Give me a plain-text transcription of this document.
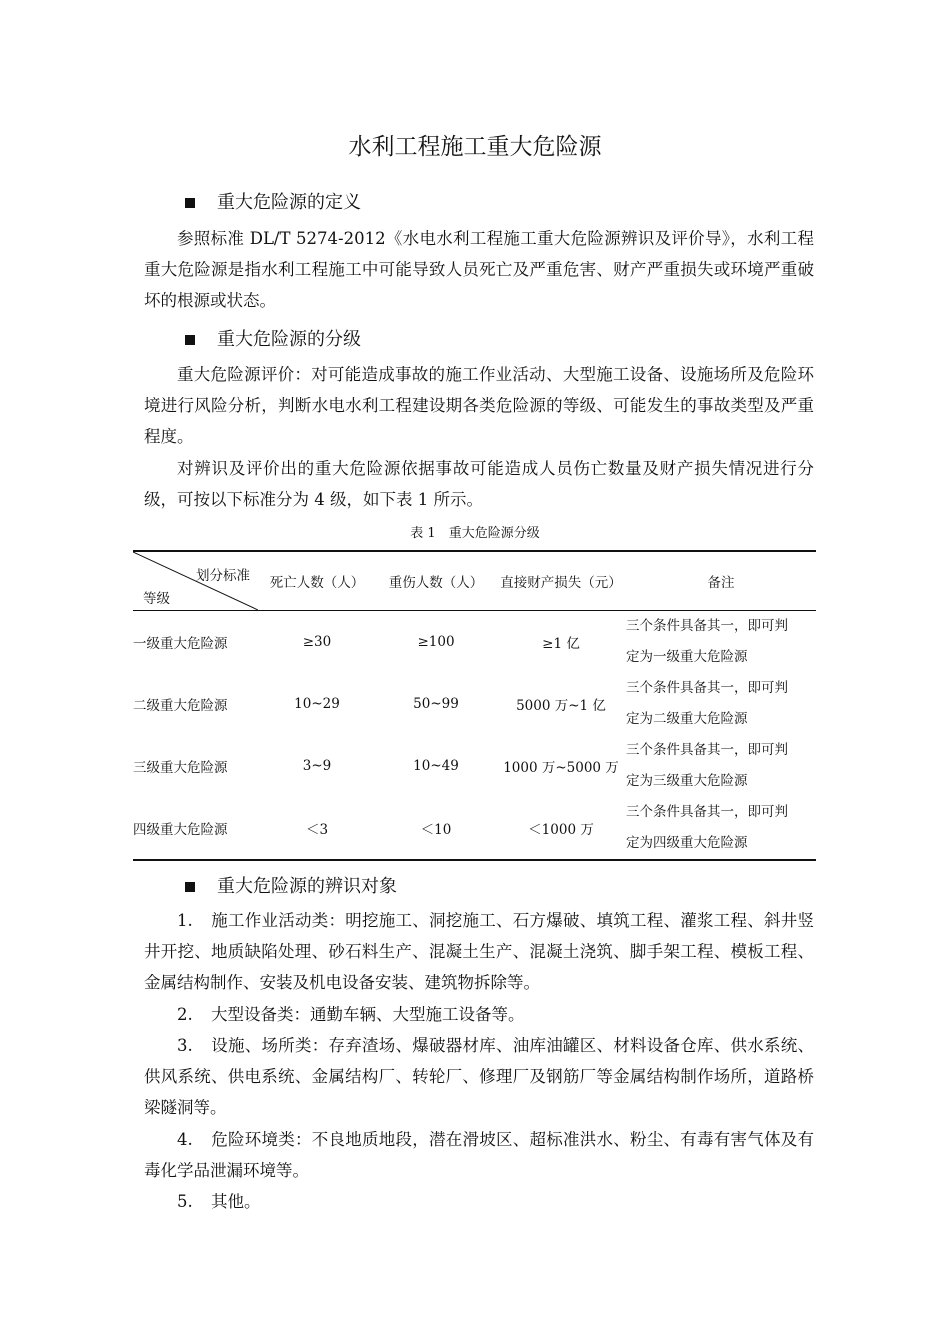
水利工程施工重大危险源
重大危险源的定义
参照标准 DL/T 5274-2012《水电水利工程施工重大危险源辨识及评价导》，水利工程重大危险源是指水利工程施工中可能导致人员死亡及严重危害、财产严重损失或环境严重破坏的根源或状态。
重大危险源的分级
重大危险源评价：对可能造成事故的施工作业活动、大型施工设备、设施场所及危险环境进行风险分析，判断水电水利工程建设期各类危险源的等级、可能发生的事故类型及严重程度。
对辨识及评价出的重大危险源依据事故可能造成人员伤亡数量及财产损失情况进行分级，可按以下标准分为 4 级，如下表 1 所示。
表 1　重大危险源分级
划分标准
等级	死亡人数（人）	重伤人数（人）	直接财产损失（元）	备注
一级重大危险源	≥30	≥100	≥1 亿	三个条件具备其一，即可判
定为一级重大危险源

二级重大危险源	10~29	50~99	5000 万~1 亿	三个条件具备其一，即可判
定为二级重大危险源

三级重大危险源	3~9	10~49	1000 万~5000 万	三个条件具备其一，即可判
定为三级重大危险源

四级重大危险源	＜3	＜10	＜1000 万	三个条件具备其一，即可判
定为四级重大危险源
重大危险源的辨识对象
1. 施工作业活动类：明挖施工、洞挖施工、石方爆破、填筑工程、灌浆工程、斜井竖井开挖、地质缺陷处理、砂石料生产、混凝土生产、混凝土浇筑、脚手架工程、模板工程、金属结构制作、安装及机电设备安装、建筑物拆除等。
2. 大型设备类：通勤车辆、大型施工设备等。
3. 设施、场所类：存弃渣场、爆破器材库、油库油罐区、材料设备仓库、供水系统、供风系统、供电系统、金属结构厂、转轮厂、修理厂及钢筋厂等金属结构制作场所，道路桥梁隧洞等。
4. 危险环境类：不良地质地段，潜在滑坡区、超标准洪水、粉尘、有毒有害气体及有毒化学品泄漏环境等。
5. 其他。
